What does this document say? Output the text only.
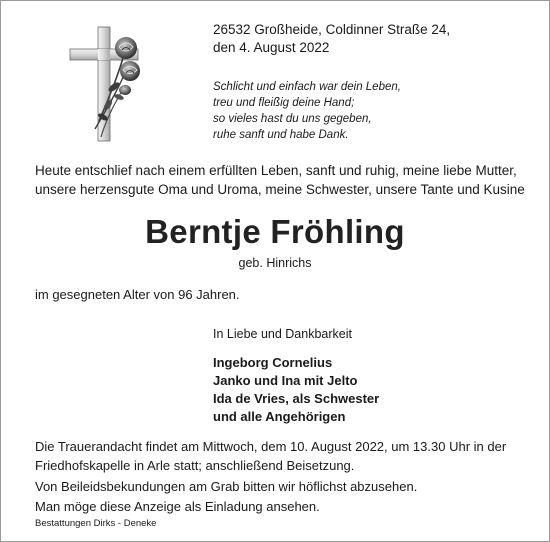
26532 Großheide, Coldinner Straße 24,

den 4. August 2022

Schlicht und einfach war dein Leben,
treu und fleißig deine Hand;
so vieles hast du uns gegeben,
ruhe sanft und habe Dank.
Heute entschlief nach einem erfüllten Leben, sanft und ruhig, meine liebe Mutter,
unsere herzensgute Oma und Uroma, meine Schwester, unsere Tante und Kusine
Berntje Fröhling
geb. Hinrichs
im gesegneten Alter von 96 Jahren.
In Liebe und Dankbarkeit
Ingeborg Cornelius
Janko und Ina mit Jelto
Ida de Vries, als Schwester
und alle Angehörigen
Die Trauerandacht findet am Mittwoch, dem 10. August 2022, um 13.30 Uhr in der
Friedhofskapelle in Arle statt; anschließend Beisetzung.
Von Beileidsbekundungen am Grab bitten wir höflichst abzusehen.
Man möge diese Anzeige als Einladung ansehen.
Bestattungen Dirks - Deneke
